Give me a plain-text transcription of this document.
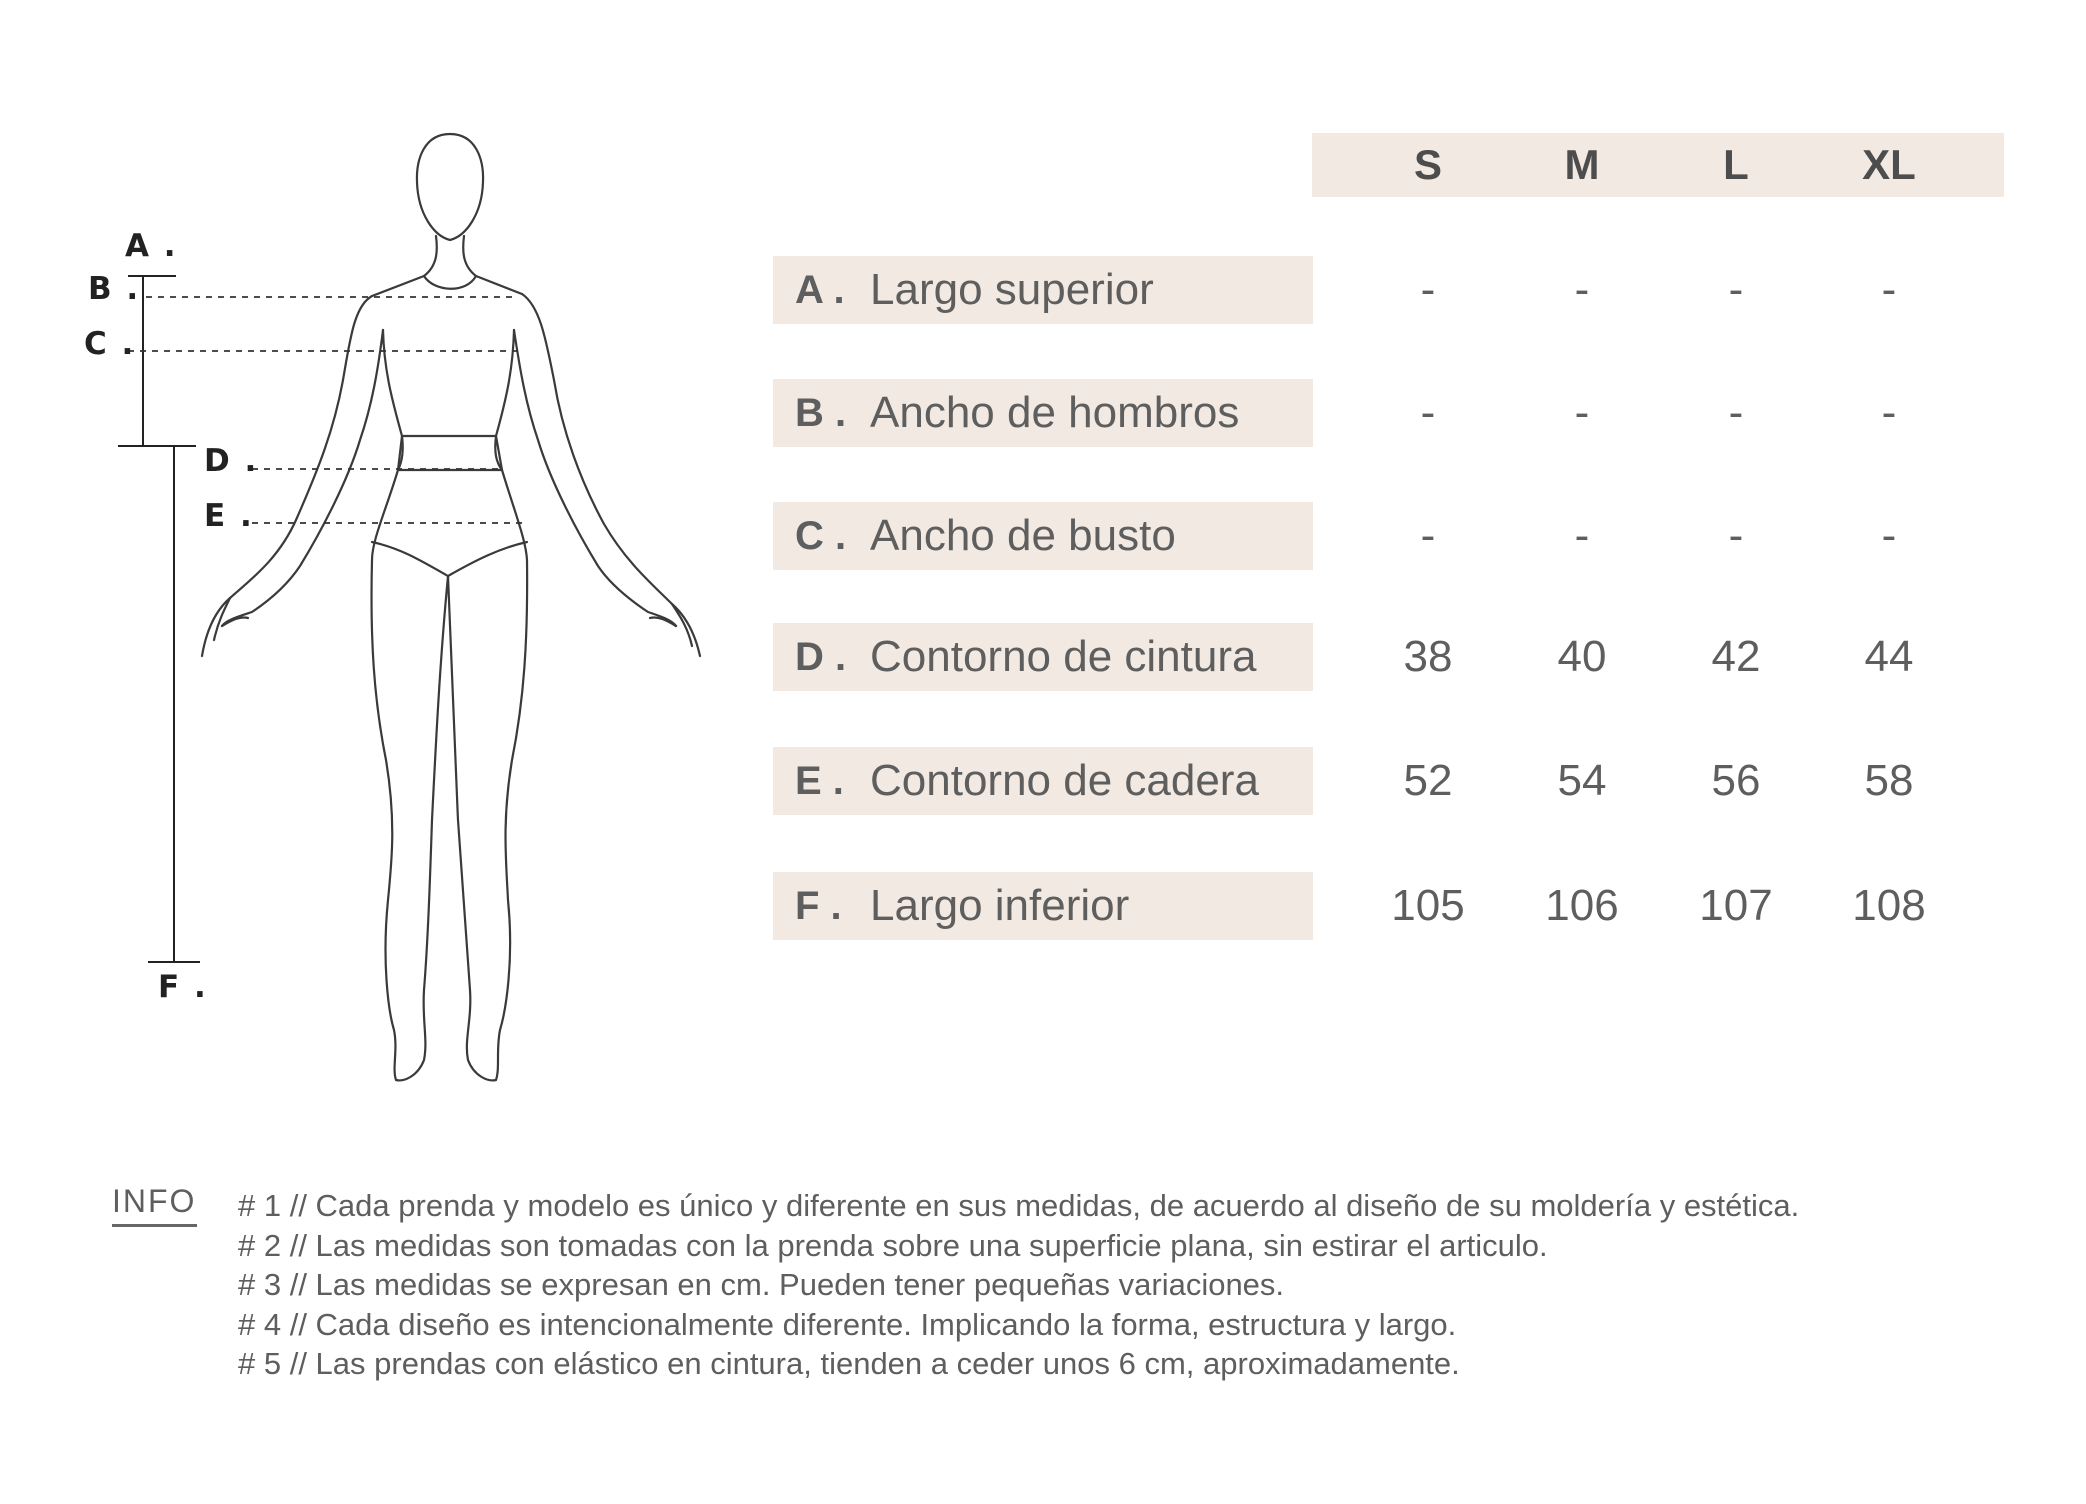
A .
B .
C .
D .
E .
F .
S	M	L	XL
A . Largo superior	-	-	-	-
B . Ancho de hombros	-	-	-	-
C . Ancho de busto	-	-	-	-
D . Contorno de cintura	38	40	42	44
E . Contorno de cadera	52	54	56	58
F . Largo inferior	105	106	107	108
INFO # 1 // Cada prenda y modelo es único y diferente en sus medidas, de acuerdo al diseño de su moldería y estética.
# 2 // Las medidas son tomadas con la prenda sobre una superficie plana, sin estirar el articulo.
# 3 // Las medidas se expresan en cm. Pueden tener pequeñas variaciones.
# 4 // Cada diseño es intencionalmente diferente. Implicando la forma, estructura y largo.
# 5 // Las prendas con elástico en cintura, tienden a ceder unos 6 cm, aproximadamente.
